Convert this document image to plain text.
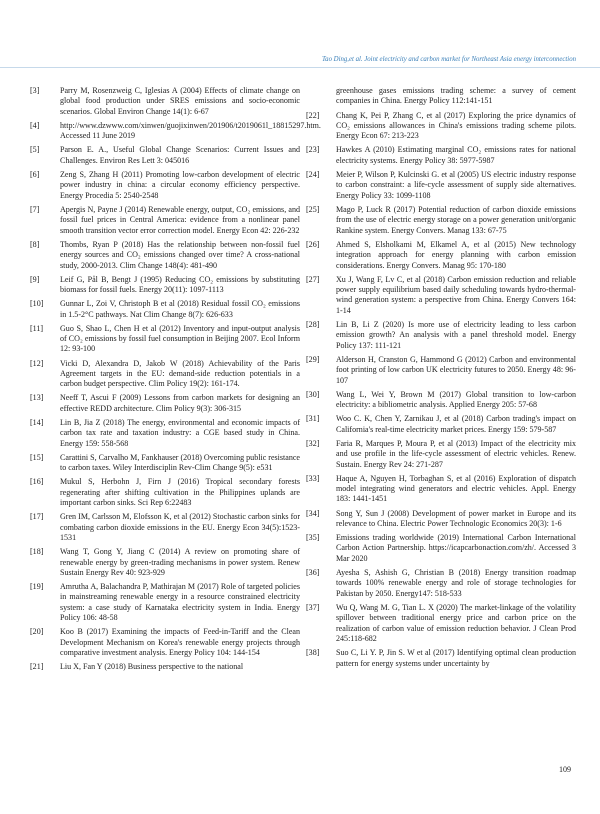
Tao Ding,et al. Joint electricity and carbon market for Northeast Asia energy interconnection
[3]	Parry M, Rosenzweig C, Iglesias A (2004) Effects of climate change on global food production under SRES emissions and socio-economic scenarios. Global Environ Change 14(1): 6-67
[4]	http://www.dzwww.com/xinwen/guojixinwen/201906/t2019061l_18815297.htm. Accessed 11 June 2019
[5]	Parson E. A., Useful Global Change Scenarios: Current Issues and Challenges. Environ Res Lett 3: 045016
[6]	Zeng S, Zhang H (2011) Promoting low-carbon development of electric power industry in china: a circular economy efficiency perspective. Energy Procedia 5: 2540-2548
[7]	Apergis N, Payne J (2014) Renewable energy, output, CO₂ emissions, and fossil fuel prices in Central America: evidence from a nonlinear panel smooth transition vector error correction model. Energy Econ 42: 226-232
[8]	Thombs, Ryan P (2018) Has the relationship between non-fossil fuel energy sources and CO₂ emissions changed over time? A cross-national study, 2000-2013. Clim Change 148(4): 481-490
[9]	Leif G, Pål B, Bengt J (1995) Reducing CO₂ emissions by substituting biomass for fossil fuels. Energy 20(11): 1097-1113
[10]	Gunnar L, Zoi V, Christoph B et al (2018) Residual fossil CO₂ emissions in 1.5-2°C pathways. Nat Clim Change 8(7): 626-633
[11]	Guo S, Shao L, Chen H et al (2012) Inventory and input-output analysis of CO₂ emissions by fossil fuel consumption in Beijing 2007. Ecol Inform 12: 93-100
[12]	Vicki D, Alexandra D, Jakob W (2018) Achievability of the Paris Agreement targets in the EU: demand-side reduction potentials in a carbon budget perspective. Clim Policy 19(2): 161-174.
[13]	Neeff T, Ascui F (2009) Lessons from carbon markets for designing an effective REDD architecture. Clim Policy 9(3): 306-315
[14]	Lin B, Jia Z (2018) The energy, environmental and economic impacts of carbon tax rate and taxation industry: a CGE based study in China. Energy 159: 558-568
[15]	Carattini S, Carvalho M, Fankhauser (2018) Overcoming public resistance to carbon taxes. Wiley Interdisciplin Rev-Clim Change 9(5): e531
[16]	Mukul S, Herbohn J, Firn J (2016) Tropical secondary forests regenerating after shifting cultivation in the Philippines uplands are important carbon sinks. Sci Rep 6:22483
[17]	Gren IM, Carlsson M, Elofsson K, et al (2012) Stochastic carbon sinks for combating carbon dioxide emissions in the EU. Energy Econ 34(5):1523-1531
[18]	Wang T, Gong Y, Jiang C (2014) A review on promoting share of renewable energy by green-trading mechanisms in power system. Renew Sustain Energy Rev 40: 923-929
[19]	Amrutha A, Balachandra P, Mathirajan M (2017) Role of targeted policies in mainstreaming renewable energy in a resource constrained electricity system: a case study of Karnataka electricity system in India. Energy Policy 106: 48-58
[20]	Koo B (2017) Examining the impacts of Feed-in-Tariff and the Clean Development Mechanism on Korea's renewable energy projects through comparative investment analysis. Energy Policy 104: 144-154
[21]	Liu X, Fan Y (2018) Business perspective to the national
greenhouse gases emissions trading scheme: a survey of cement companies in China. Energy Policy 112:141-151
[22]	Chang K, Pei P, Zhang C, et al (2017) Exploring the price dynamics of CO₂ emissions allowances in China's emissions trading scheme pilots. Energy Econ 67: 213-223
[23]	Hawkes A (2010) Estimating marginal CO₂ emissions rates for national electricity systems. Energy Policy 38: 5977-5987
[24]	Meier P, Wilson P, Kulcinski G. et al (2005) US electric industry response to carbon constraint: a life-cycle assessment of supply side alternatives. Energy Policy 33: 1099-1108
[25]	Mago P, Luck R (2017) Potential reduction of carbon dioxide emissions from the use of electric energy storage on a power generation unit/organic Rankine system. Energy Convers. Manag 133: 67-75
[26]	Ahmed S, Elsholkami M, Elkamel A, et al (2015) New technology integration approach for energy planning with carbon emission considerations. Energy Convers. Manag 95: 170-180
[27]	Xu J, Wang F, Lv C, et al (2018) Carbon emission reduction and reliable power supply equilibrium based daily scheduling towards hydro-thermal-wind generation system: a perspective from China. Energy Convers 164: 1-14
[28]	Lin B, Li Z (2020) Is more use of electricity leading to less carbon emission growth? An analysis with a panel threshold model. Energy Policy 137: 111-121
[29]	Alderson H, Cranston G, Hammond G (2012) Carbon and environmental foot printing of low carbon UK electricity futures to 2050. Energy 48: 96-107
[30]	Wang L, Wei Y, Brown M (2017) Global transition to low-carbon electricity: a bibliometric analysis. Applied Energy 205: 57-68
[31]	Woo C. K, Chen Y, Zarnikau J, et al (2018) Carbon trading's impact on California's real-time electricity market prices. Energy 159: 579-587
[32]	Faria R, Marques P, Moura P, et al (2013) Impact of the electricity mix and use profile in the life-cycle assessment of electric vehicles. Renew. Sustain. Energy Rev 24: 271-287
[33]	Haque A, Nguyen H, Torbaghan S, et al (2016) Exploration of dispatch model integrating wind generators and electric vehicles. Appl. Energy 183: 1441-1451
[34]	Song Y, Sun J (2008) Development of power market in Europe and its relevance to China. Electric Power Technologic Economics 20(3): 1-6
[35]	Emissions trading worldwide (2019) International Carbon International Carbon Action Partnership. https://icapcarbonaction.com/zh/. Accessed 3 Mar 2020
[36]	Ayesha S, Ashish G, Christian B (2018) Energy transition roadmap towards 100% renewable energy and role of storage technologies for Pakistan by 2050. Energy147: 518-533
[37]	Wu Q, Wang M. G, Tian L. X (2020) The market-linkage of the volatility spillover between traditional energy price and carbon price on the realization of carbon value of emission reduction behavior. J Clean Prod 245:118-682
[38]	Suo C, Li Y. P, Jin S. W et al (2017) Identifying optimal clean production pattern for energy systems under uncertainty by
109
